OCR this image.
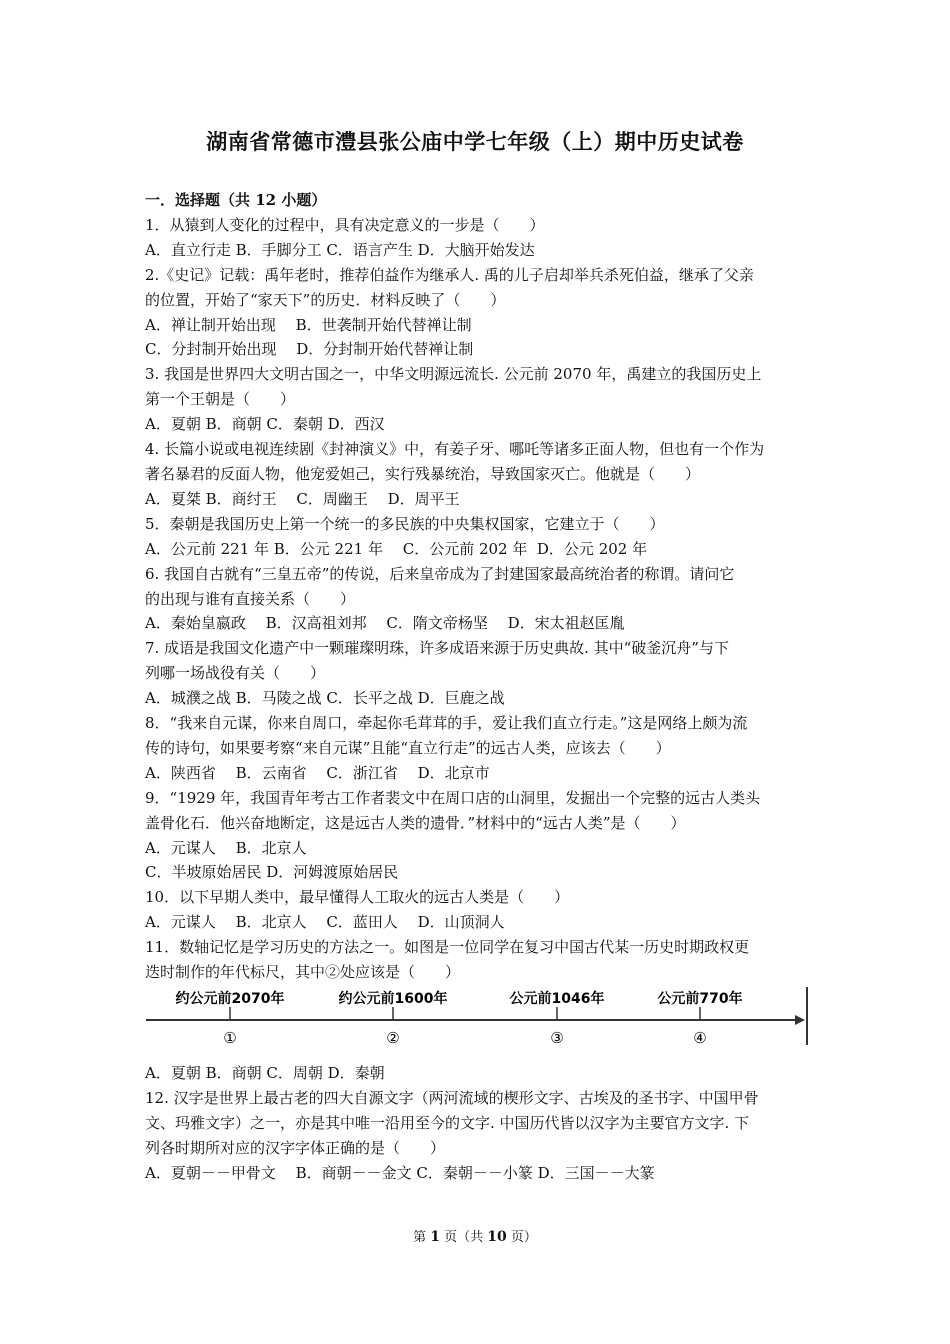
湖南省常德市澧县张公庙中学七年级（上）期中历史试卷
一．选择题（共 12 小题）
1．从猿到人变化的过程中，具有决定意义的一步是（　　）
A．直立行走 B．手脚分工 C．语言产生 D．大脑开始发达
2.《史记》记载：禹年老时，推荐伯益作为继承人. 禹的儿子启却举兵杀死伯益，继承了父亲
的位置，开始了“家天下”的历史．材料反映了（　　）
A．禅让制开始出现　 B．世袭制开始代替禅让制
C．分封制开始出现　 D．分封制开始代替禅让制
3. 我国是世界四大文明古国之一，中华文明源远流长. 公元前 2070 年，禹建立的我国历史上
第一个王朝是（　　）
A．夏朝 B．商朝 C．秦朝 D．西汉
4. 长篇小说或电视连续剧《封神演义》中，有姜子牙、哪吒等诸多正面人物，但也有一个作为
著名暴君的反面人物，他宠爱妲己，实行残暴统治，导致国家灭亡。他就是（　　）
A．夏桀 B．商纣王　 C．周幽王　 D．周平王
5．秦朝是我国历史上第一个统一的多民族的中央集权国家，它建立于（　　）
A．公元前 221 年 B．公元 221 年　 C．公元前 202 年  D．公元 202 年
6. 我国自古就有“三皇五帝”的传说，后来皇帝成为了封建国家最高统治者的称谓。请问它
的出现与谁有直接关系（　　）
A．秦始皇嬴政　 B．汉高祖刘邦　 C．隋文帝杨坚　 D．宋太祖赵匡胤
7. 成语是我国文化遗产中一颗璀璨明珠，许多成语来源于历史典故. 其中“破釜沉舟”与下
列哪一场战役有关（　　）
A．城濮之战 B．马陵之战 C．长平之战 D．巨鹿之战
8．“我来自元谋，你来自周口，牵起你毛茸茸的手，爱让我们直立行走。”这是网络上颇为流
传的诗句，如果要考察“来自元谋”且能“直立行走”的远古人类，应该去（　　）
A．陕西省　 B．云南省　 C．浙江省　 D．北京市
9．“1929 年，我国青年考古工作者裴文中在周口店的山洞里，发掘出一个完整的远古人类头
盖骨化石．他兴奋地断定，这是远古人类的遗骨．”材料中的“远古人类”是（　　）
A．元谋人　 B．北京人
C．半坡原始居民 D．河姆渡原始居民
10．以下早期人类中，最早懂得人工取火的远古人类是（　　）
A．元谋人　 B．北京人　 C．蓝田人　 D．山顶洞人
11．数轴记忆是学习历史的方法之一。如图是一位同学在复习中国古代某一历史时期政权更
迭时制作的年代标尺，其中②处应该是（　　）
约公元前2070年
①
约公元前1600年
②
公元前1046年
③
公元前770年
④
A．夏朝 B．商朝 C．周朝 D．秦朝
12. 汉字是世界上最古老的四大自源文字（两河流域的楔形文字、古埃及的圣书字、中国甲骨
文、玛雅文字）之一，亦是其中唯一沿用至今的文字. 中国历代皆以汉字为主要官方文字. 下
列各时期所对应的汉字字体正确的是（　　）
A．夏朝－－甲骨文　 B．商朝－－金文 C．秦朝－－小篆 D．三国－－大篆
第 1 页（共 10 页）
